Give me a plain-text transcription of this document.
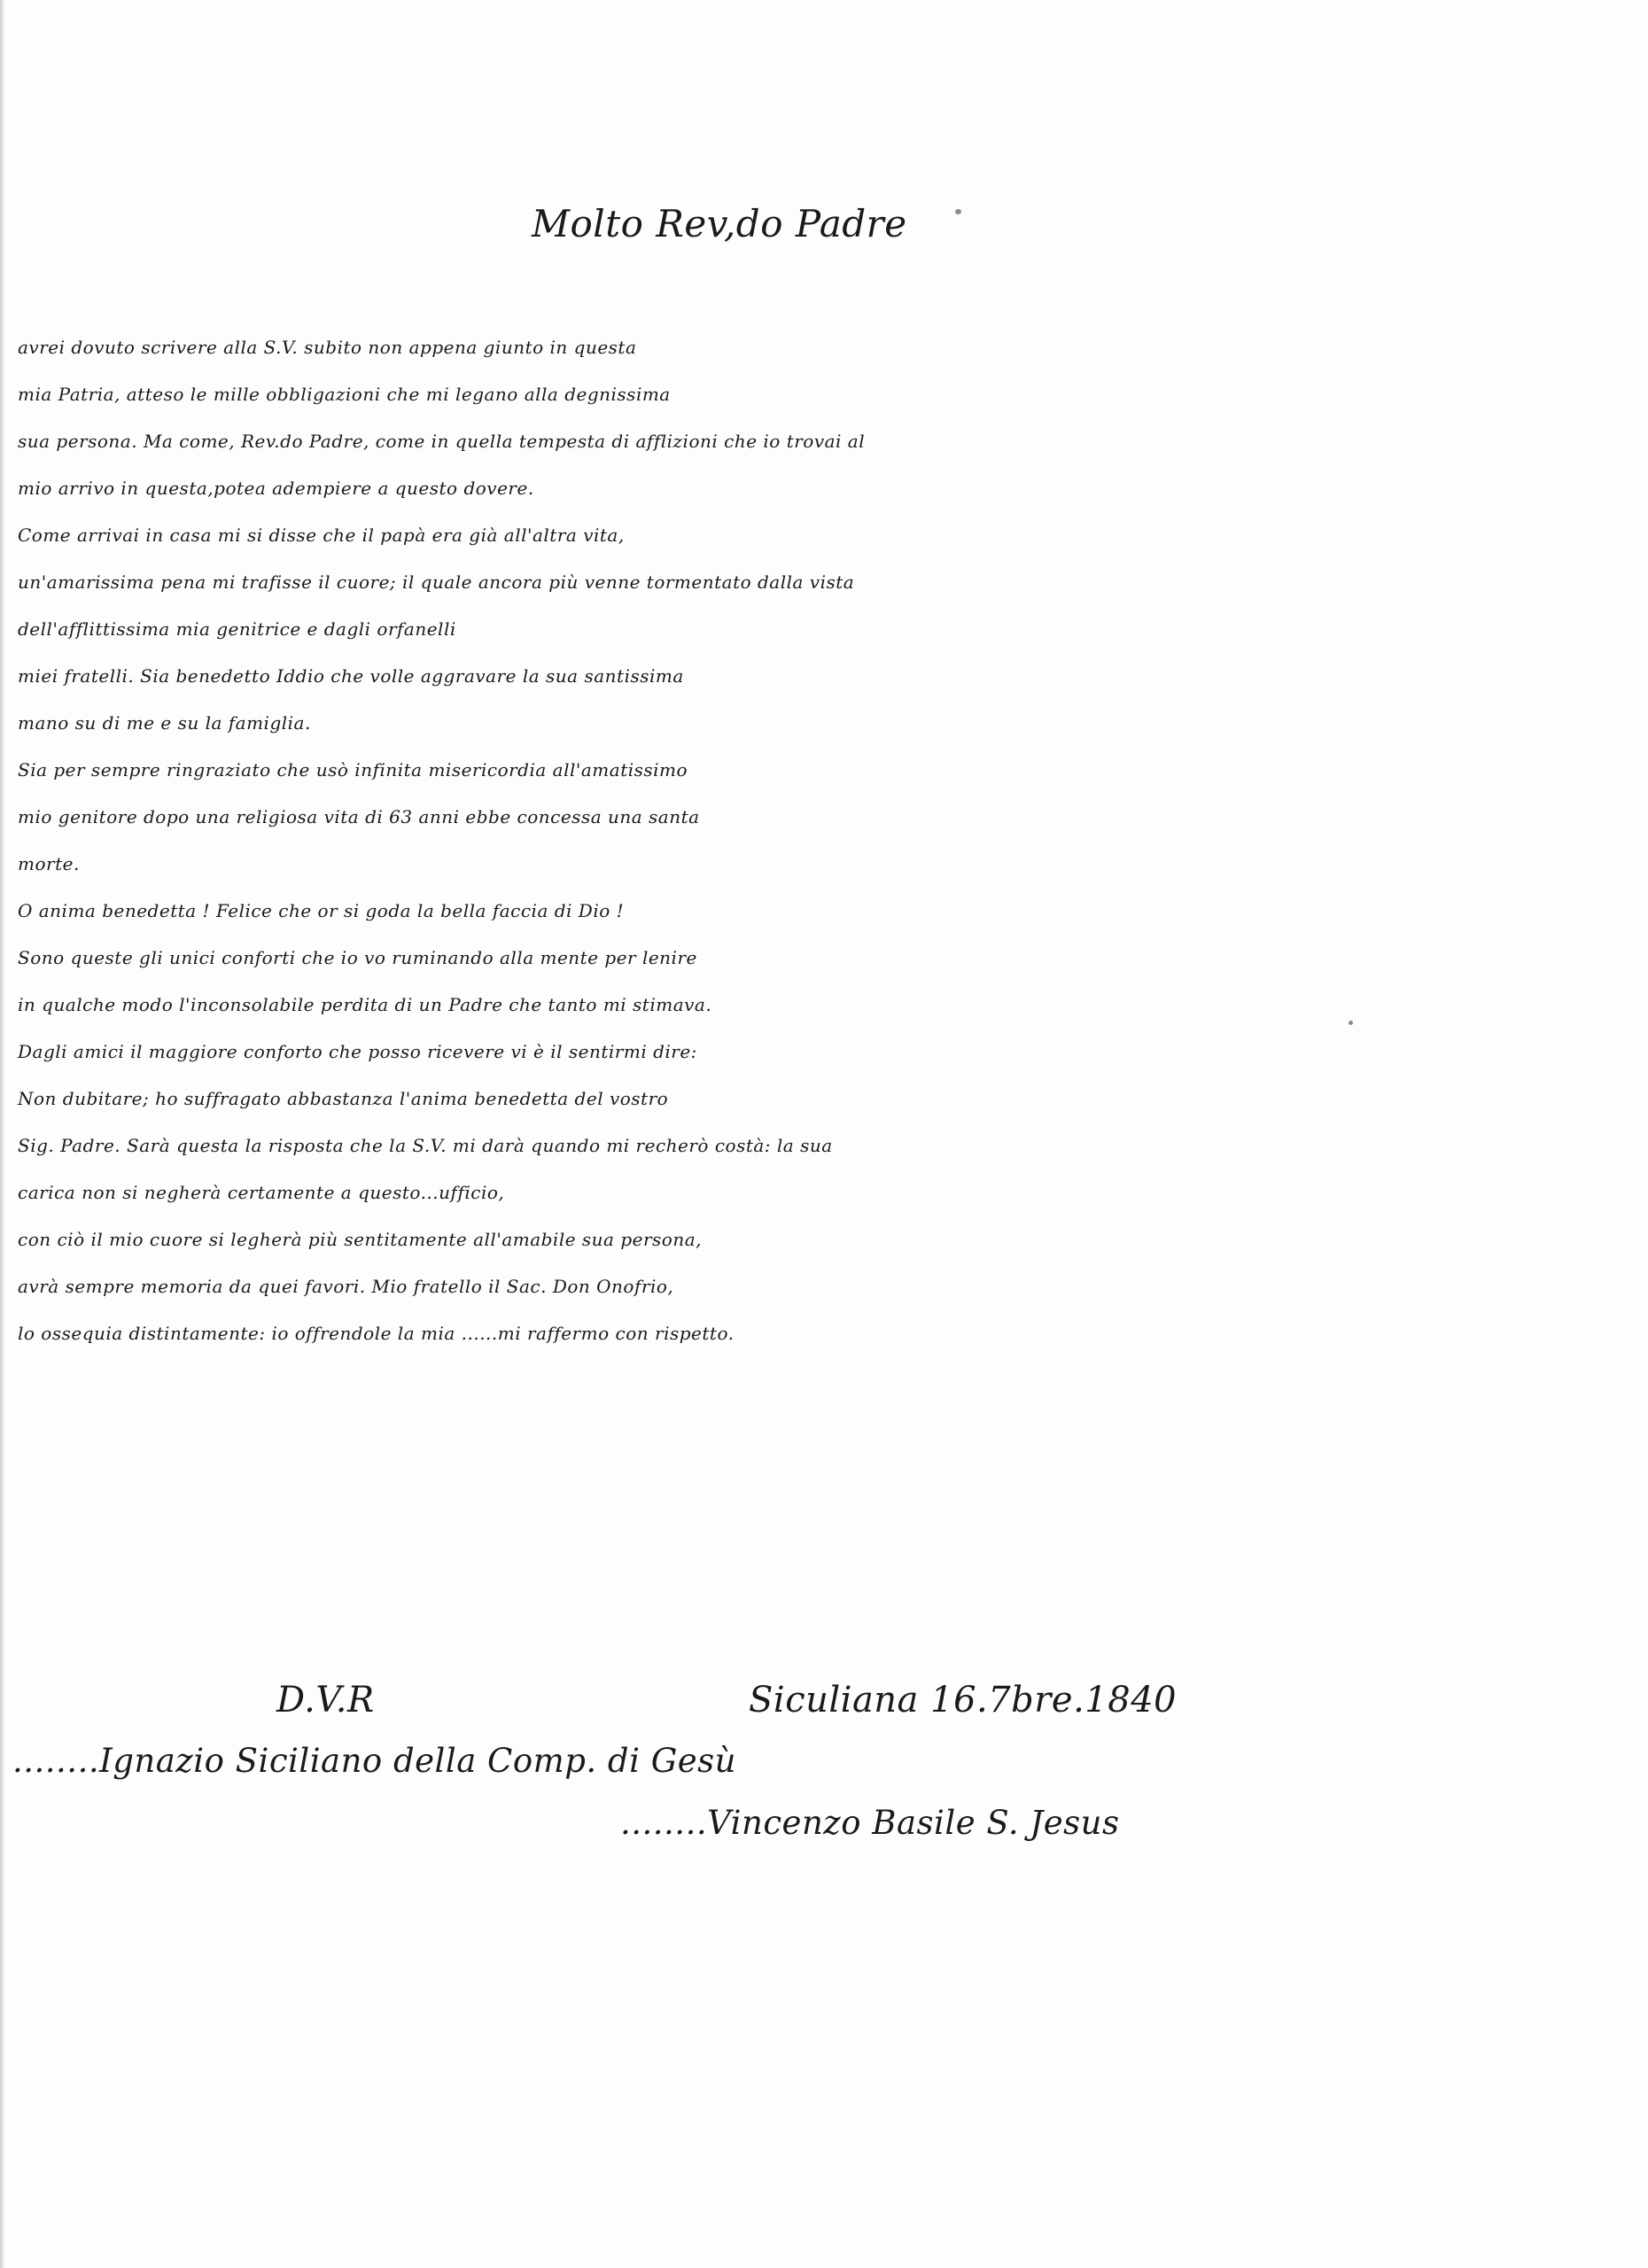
Molto Rev,do Padre
avrei dovuto scrivere alla S.V. subito non appena giunto in questa
mia Patria, atteso le mille obbligazioni che mi legano alla degnissima
sua persona. Ma come, Rev.do Padre, come in quella tempesta di afflizioni che io trovai al
mio arrivo in questa,potea adempiere a questo dovere.
Come arrivai in casa mi si disse che il papà era già all'altra vita,
un'amarissima pena mi trafisse il cuore; il quale ancora più venne tormentato dalla vista
dell'afflittissima mia genitrice e dagli orfanelli
miei fratelli. Sia benedetto Iddio che volle aggravare la sua santissima
mano su di me e su la famiglia.
Sia per sempre ringraziato che usò infinita misericordia all'amatissimo
mio genitore dopo una religiosa vita di 63 anni ebbe concessa una santa
morte.
O anima benedetta ! Felice che or si goda la bella faccia di Dio !
Sono queste gli unici conforti che io vo ruminando alla mente per lenire
in qualche modo l'inconsolabile perdita di un Padre che tanto mi stimava.
Dagli amici il maggiore conforto che posso ricevere vi è il sentirmi dire:
Non dubitare; ho suffragato abbastanza l'anima benedetta del vostro
Sig. Padre. Sarà questa la risposta che la S.V. mi darà quando mi recherò costà: la sua
carica non si negherà certamente a questo...ufficio,
con ciò il mio cuore si legherà più sentitamente all'amabile sua persona,
avrà sempre memoria da quei favori. Mio fratello il Sac. Don Onofrio,
lo ossequia distintamente: io offrendole la mia ......mi raffermo con rispetto.
D.V.R	Siculiana 16.7bre.1840
........Ignazio Siciliano della Comp. di Gesù
........Vincenzo Basile S. Jesus
